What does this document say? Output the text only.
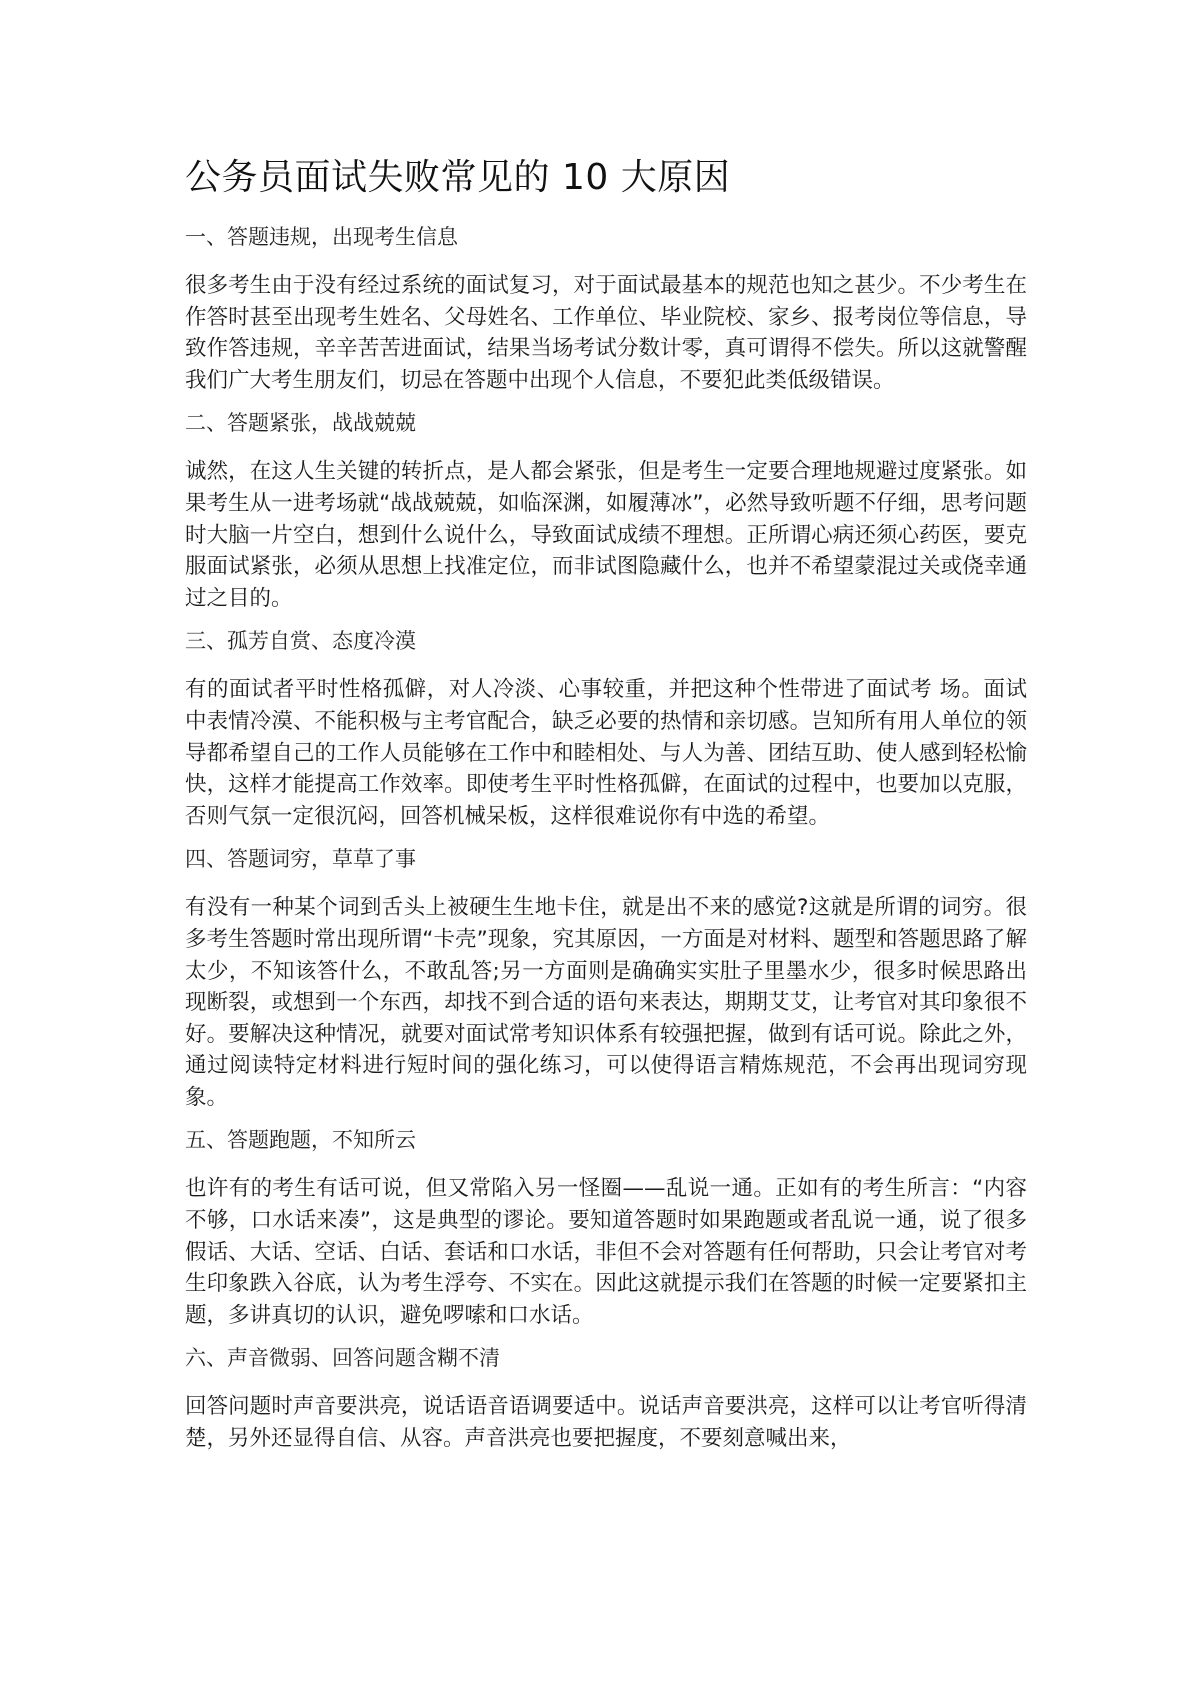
公务员面试失败常见的 10 大原因
一、答题违规，出现考生信息

很多考生由于没有经过系统的面试复习，对于面试最基本的规范也知之甚少。不少考生在作答时甚至出现考生姓名、父母姓名、工作单位、毕业院校、家乡、报考岗位等信息，导致作答违规，辛辛苦苦进面试，结果当场考试分数计零，真可谓得不偿失。所以这就警醒我们广大考生朋友们，切忌在答题中出现个人信息，不要犯此类低级错误。

二、答题紧张，战战兢兢

诚然，在这人生关键的转折点，是人都会紧张，但是考生一定要合理地规避过度紧张。如果考生从一进考场就“战战兢兢，如临深渊，如履薄冰”，必然导致听题不仔细，思考问题时大脑一片空白，想到什么说什么，导致面试成绩不理想。正所谓心病还须心药医，要克服面试紧张，必须从思想上找准定位，而非试图隐藏什么，也并不希望蒙混过关或侥幸通过之目的。

三、孤芳自赏、态度冷漠

有的面试者平时性格孤僻，对人冷淡、心事较重，并把这种个性带进了面试考 场。面试中表情冷漠、不能积极与主考官配合，缺乏必要的热情和亲切感。岂知所有用人单位的领导都希望自己的工作人员能够在工作中和睦相处、与人为善、团结互助、使人感到轻松愉快，这样才能提高工作效率。即使考生平时性格孤僻，在面试的过程中，也要加以克服，否则气氛一定很沉闷，回答机械呆板，这样很难说你有中选的希望。

四、答题词穷，草草了事

有没有一种某个词到舌头上被硬生生地卡住，就是出不来的感觉?这就是所谓的词穷。很多考生答题时常出现所谓“卡壳”现象，究其原因，一方面是对材料、题型和答题思路了解太少，不知该答什么，不敢乱答;另一方面则是确确实实肚子里墨水少，很多时候思路出现断裂，或想到一个东西，却找不到合适的语句来表达，期期艾艾，让考官对其印象很不好。要解决这种情况，就要对面试常考知识体系有较强把握，做到有话可说。除此之外，通过阅读特定材料进行短时间的强化练习，可以使得语言精炼规范，不会再出现词穷现象。

五、答题跑题，不知所云

也许有的考生有话可说，但又常陷入另一怪圈——乱说一通。正如有的考生所言：“内容不够，口水话来凑”，这是典型的谬论。要知道答题时如果跑题或者乱说一通，说了很多假话、大话、空话、白话、套话和口水话，非但不会对答题有任何帮助，只会让考官对考生印象跌入谷底，认为考生浮夸、不实在。因此这就提示我们在答题的时候一定要紧扣主题，多讲真切的认识，避免啰嗦和口水话。

六、声音微弱、回答问题含糊不清

回答问题时声音要洪亮，说话语音语调要适中。说话声音要洪亮，这样可以让考官听得清楚，另外还显得自信、从容。声音洪亮也要把握度，不要刻意喊出来，
